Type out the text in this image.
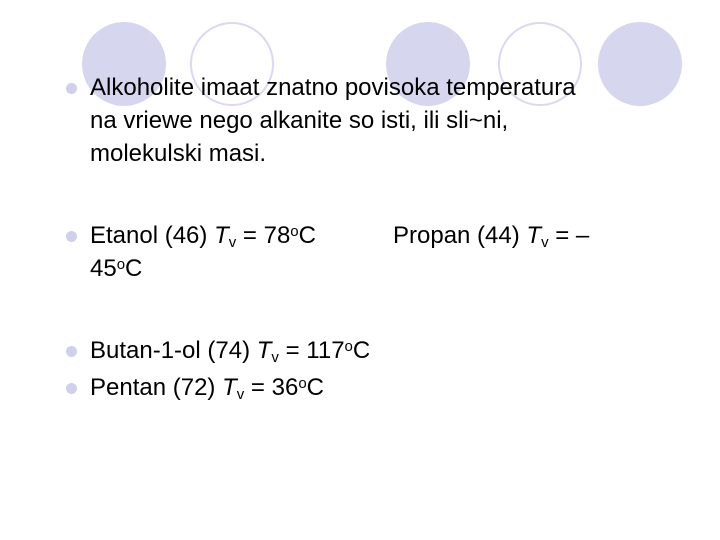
Alkoholite imaat znatno povisoka temperatura
na vriewe nego alkanite so isti, ili sli~ni,
molekulski masi.
Etanol (46) $Tv = 78^oC$	Propan (44) Tv = –
45$^o$C
Butan-1-ol (74) $Tv = 117^oC$
Pentan (72) $Tv = 36^oC$
